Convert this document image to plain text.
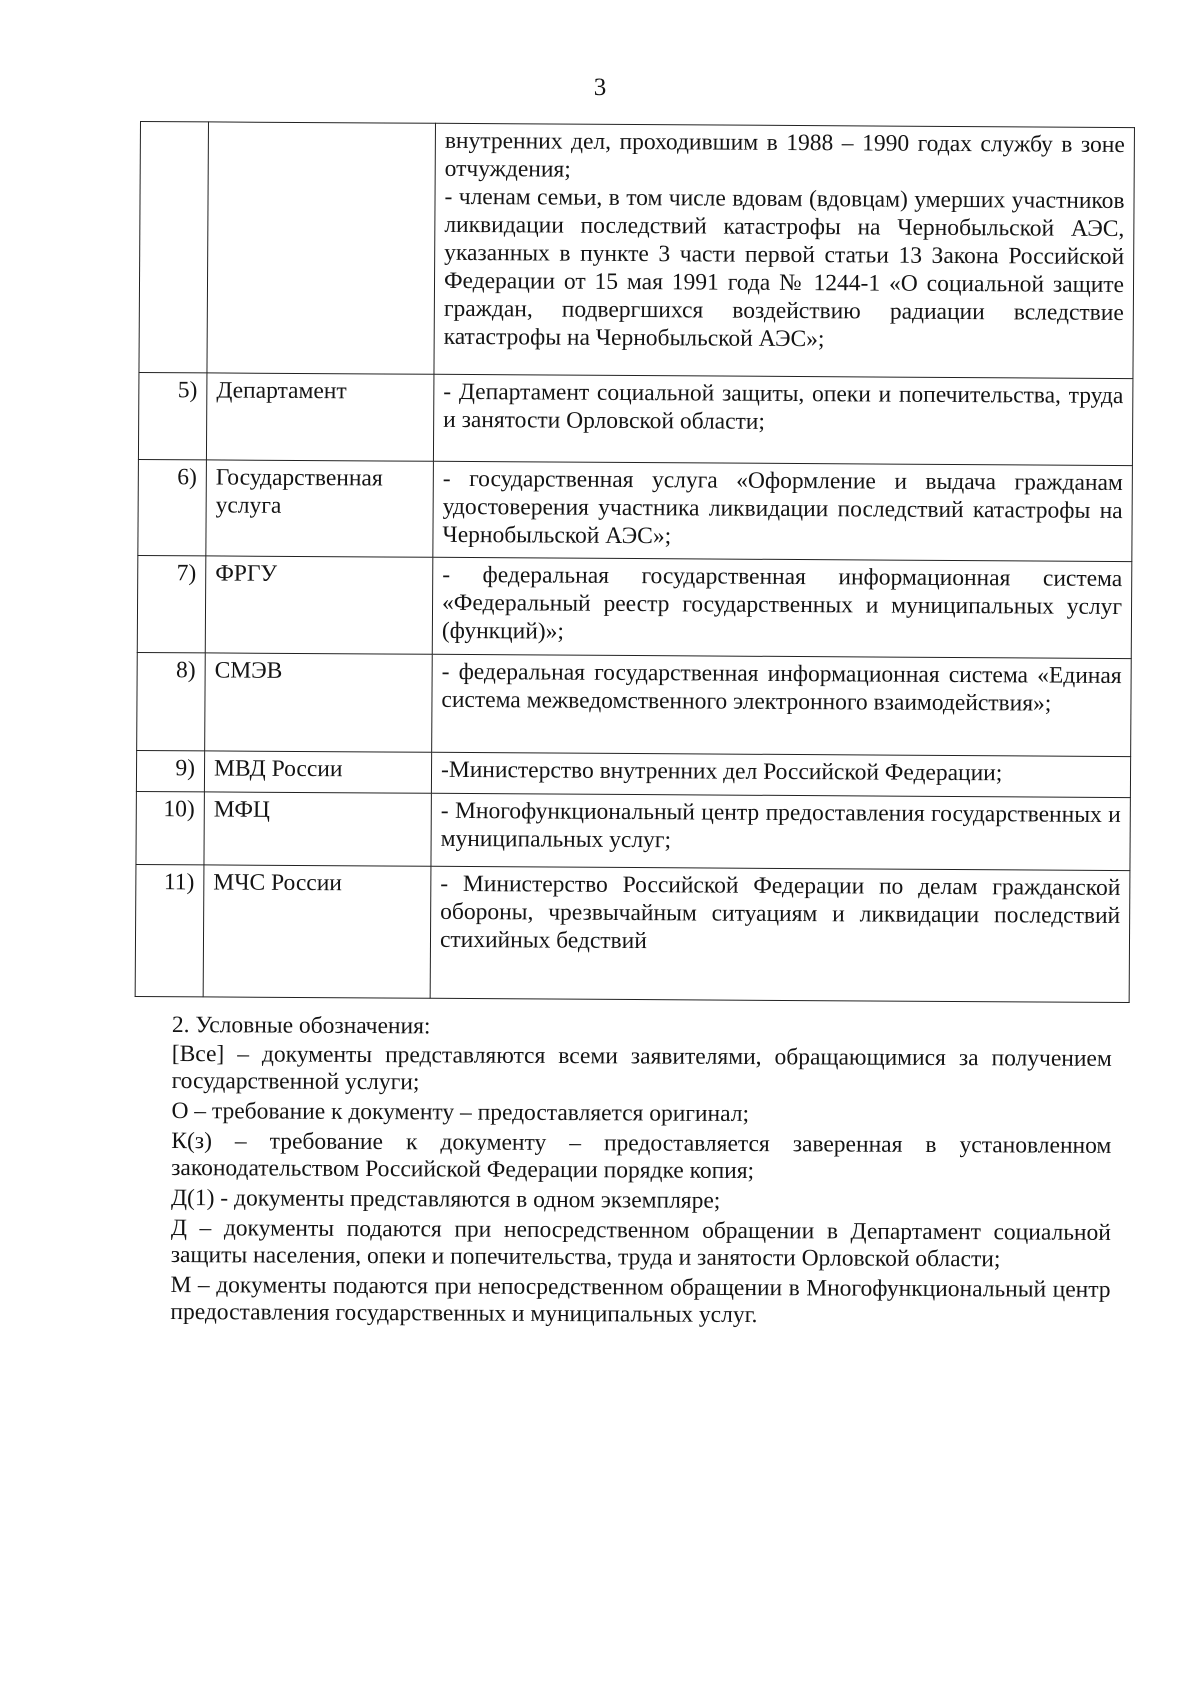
3

		внутренних дел, проходившим в 1988 – 1990 годах службу в зоне отчуждения;
- членам семьи, в том числе вдовам (вдовцам) умерших участников ликвидации последствий катастрофы на Чернобыльской АЭС, указанных в пункте 3 части первой статьи 13 Закона Российской Федерации от 15 мая 1991 года № 1244-1 «О социальной защите граждан, подвергшихся воздействию радиации вследствие катастрофы на Чернобыльской АЭС»;

5)	Департамент	- Департамент социальной защиты, опеки и попечительства, труда и занятости Орловской области;

6)	Государственная услуга	- государственная услуга «Оформление и выдача гражданам удостоверения участника ликвидации последствий катастрофы на Чернобыльской АЭС»;

7)	ФРГУ	- федеральная государственная информационная система «Федеральный реестр государственных и муниципальных услуг (функций)»;

8)	СМЭВ	- федеральная государственная информационная система «Единая система межведомственного электронного взаимодействия»;

9)	МВД России	-Министерство внутренних дел Российской Федерации;

10)	МФЦ	- Многофункциональный центр предоставления государственных и муниципальных услуг;

11)	МЧС России	- Министерство Российской Федерации по делам гражданской обороны, чрезвычайным ситуациям и ликвидации последствий стихийных бедствий

2. Условные обозначения:

[Все] – документы представляются всеми заявителями, обращающимися за получением государственной услуги;

О – требование к документу – предоставляется оригинал;

К(з) – требование к документу – предоставляется заверенная в установленном законодательством Российской Федерации порядке копия;

Д(1) - документы представляются в одном экземпляре;

Д – документы подаются при непосредственном обращении в Департамент социальной защиты населения, опеки и попечительства, труда и занятости Орловской области;

М – документы подаются при непосредственном обращении в Многофункциональный центр предоставления государственных и муниципальных услуг.
